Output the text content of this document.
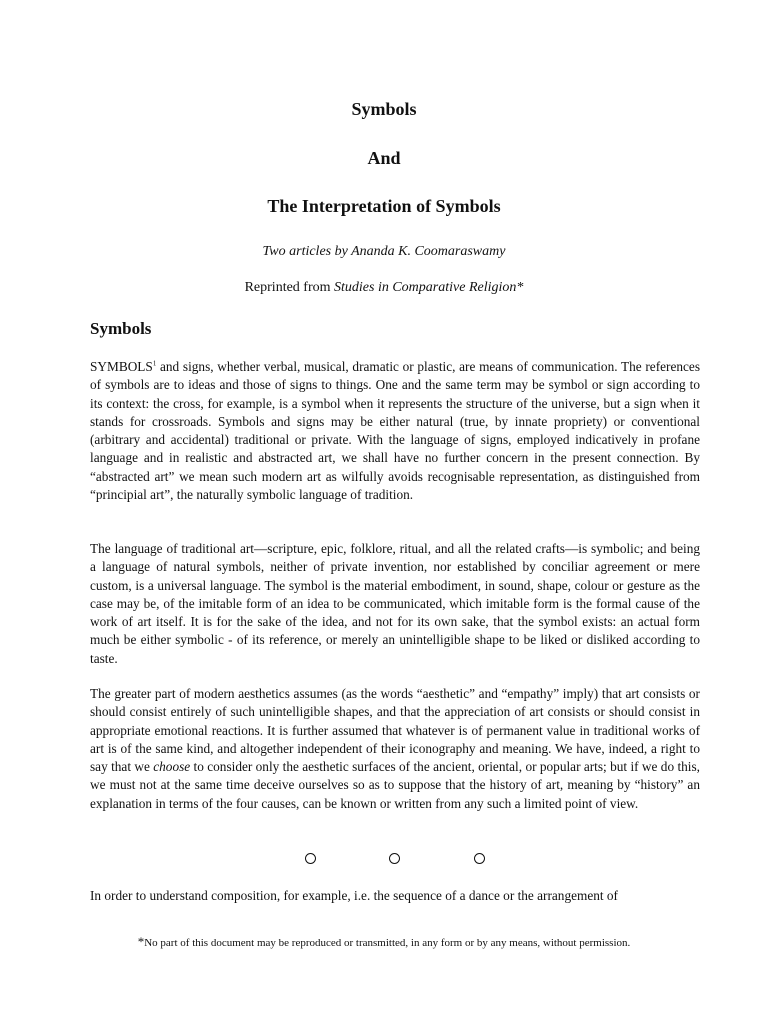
Symbols
And
The Interpretation of Symbols
Two articles by Ananda K. Coomaraswamy
Reprinted from Studies in Comparative Religion*
Symbols

SYMBOLS$^1$ and signs, whether verbal, musical, dramatic or plastic, are means of communication. The references of symbols are to ideas and those of signs to things. One and the same term may be symbol or sign according to its context: the cross, for example, is a symbol when it represents the structure of the universe, but a sign when it stands for crossroads. Symbols and signs may be either natural (true, by innate propriety) or conventional (arbitrary and accidental) traditional or private. With the language of signs, employed indicatively in profane language and in realistic and abstracted art, we shall have no further concern in the present connection. By “abstracted art” we mean such modern art as wilfully avoids recognisable representation, as distinguished from “principial art”, the naturally symbolic language of tradition.

The language of traditional art—scripture, epic, folklore, ritual, and all the related crafts—is symbolic; and being a language of natural symbols, neither of private invention, nor established by conciliar agreement or mere custom, is a universal language. The symbol is the material embodiment, in sound, shape, colour or gesture as the case may be, of the imitable form of an idea to be communicated, which imitable form is the formal cause of the work of art itself. It is for the sake of the idea, and not for its own sake, that the symbol exists: an actual form much be either symbolic - of its reference, or merely an unintelligible shape to be liked or disliked according to taste.

The greater part of modern aesthetics assumes (as the words “aesthetic” and “empathy” imply) that art consists or should consist entirely of such unintelligible shapes, and that the appreciation of art consists or should consist in appropriate emotional reactions. It is further assumed that whatever is of permanent value in traditional works of art is of the same kind, and altogether independent of their iconography and meaning. We have, indeed, a right to say that we choose to consider only the aesthetic surfaces of the ancient, oriental, or popular arts; but if we do this, we must not at the same time deceive ourselves so as to suppose that the history of art, meaning by “history” an explanation in terms of the four causes, can be known or written from any such a limited point of view.

In order to understand composition, for example, i.e. the sequence of a dance or the arrangement of

*No part of this document may be reproduced or transmitted, in any form or by any means, without permission.
